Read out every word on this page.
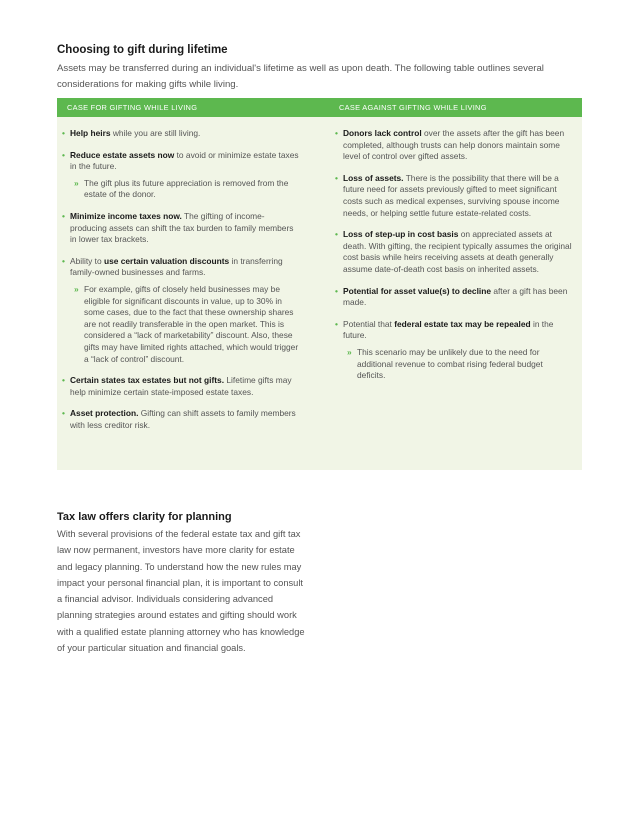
Choosing to gift during lifetime

Assets may be transferred during an individual's lifetime as well as upon death. The following table outlines several considerations for making gifts while living.

CASE FOR GIFTING WHILE LIVING	CASE AGAINST GIFTING WHILE LIVING
• Help heirs while you are still living.
• Reduce estate assets now to avoid or minimize estate taxes in the future.
» The gift plus its future appreciation is removed from the estate of the donor.
• Minimize income taxes now. The gifting of income-producing assets can shift the tax burden to family members in lower tax brackets.
• Ability to use certain valuation discounts in transferring family-owned businesses and farms.
» For example, gifts of closely held businesses may be eligible for significant discounts in value, up to 30% in some cases, due to the fact that these ownership shares are not readily transferable in the open market. This is considered a “lack of marketability” discount. Also, these gifts may have limited rights attached, which would trigger a “lack of control” discount.
• Certain states tax estates but not gifts. Lifetime gifts may help minimize certain state-imposed estate taxes.
• Asset protection. Gifting can shift assets to family members with less creditor risk.
• Donors lack control over the assets after the gift has been completed, although trusts can help donors maintain some level of control over gifted assets.
• Loss of assets. There is the possibility that there will be a future need for assets previously gifted to meet significant costs such as medical expenses, surviving spouse income needs, or helping settle future estate-related costs.
• Loss of step-up in cost basis on appreciated assets at death. With gifting, the recipient typically assumes the original cost basis while heirs receiving assets at death generally assume date-of-death cost basis on inherited assets.
• Potential for asset value(s) to decline after a gift has been made.
• Potential that federal estate tax may be repealed in the future.
» This scenario may be unlikely due to the need for additional revenue to combat rising federal budget deficits.
Tax law offers clarity for planning

With several provisions of the federal estate tax and gift tax law now permanent, investors have more clarity for estate and legacy planning. To understand how the new rules may impact your personal financial plan, it is important to consult a financial advisor. Individuals considering advanced planning strategies around estates and gifting should work with a qualified estate planning attorney who has knowledge of your particular situation and financial goals.
